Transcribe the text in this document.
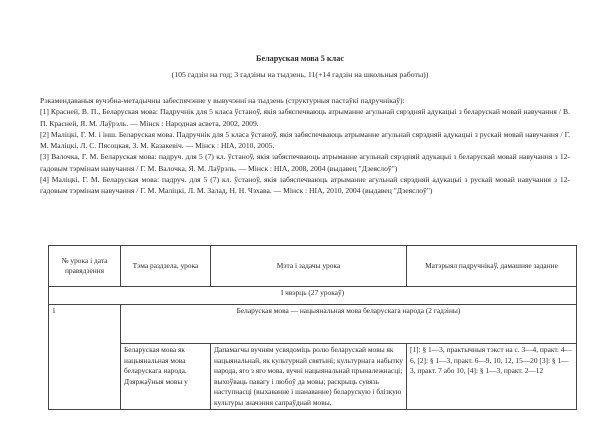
Беларуская мова 5 клас
(105 гадзін на год; 3 гадзіны на тыдзень, 11(+14 гадзін на школьныя работы))

Рэкамендаваныя вучэбна-метадычны забеспячэнне у вывучэнні на тыдзень (структурныя пастаўкі падручнікаў):

[1] Красней, В. П., Беларуская мова: Падручнік для 5 класа ўстаноў, якія забяспечваюць атрыманне агульнай сярэдняй адукацыі з беларускай мовай навучання / В. П. Красней, Я. М. Лаўрэль. — Мінск : Народная асвета, 2002, 2009.

[2] Маліцкі, Г. М. і інш. Беларуская мова. Падручнік для 5 класа ўстаноў, якія забяспечваюць атрыманне агульнай сярэдняй адукацыі з рускай мовай навучання / Г. М. Маліцкі, Л. С. Пясоцкая, З. М. Казакевіч. — Мінск : НІА, 2010, 2005.

[3] Валочка, Г. М. Беларуская мова: падруч. для 5 (7) кл. ўстаноў, якія забяспечваюць атрыманне агульнай сярэдняй адукацыі з беларускай мовай навучання з 12-гадовым тэрмінам навучання / Г. М. Валочка, Я. М. Лаўрэль. — Мінск : НІА, 2008, 2004 (выдавец "Дзеяслоў")

[4] Маліцкі, Г. М. Беларуская мова: падруч. для 5 (7) кл. ўстаноў, якія забяспечваюць атрыманне агульнай сярэдняй адукацыі з рускай мовай навучання з 12-гадовым тэрмінам навучання / Г. М. Маліцкі, Л. М. Залад, Н. Н. Чэхава. — Мінск : НІА, 2010, 2004 (выдавец "Дзеяслоў")

№ урока і дата правядзення	Тэма раздзела, урока	Мэта і задачы урока	Матэрыял падручнікаў, дамашняе заданне
І чвэрць (27 урокаў)			
1	Беларуская мова — нацыянальная мова беларускага народа (2 гадзіны)		
	Беларуская мова як нацыянальная мова беларускага народа. Дзяржаўныя мовы у	Дапамагчы вучням усвядоміць ролю беларускай мовы як нацыянальнай, як культурнай святыні; культурнага набытку народа, яго з яго мова, вучні нацыянальнай прыналежнасці; выхоўваць павагу і любоў да мовы; раскрыць сувязь наступнасці (выхаванне і шанаванне) беларускую і блізкую культуры значэння сапраўднай мовы,	[1]: § 1—3, практычныя тэкст на с. 3—4, практ. 4—6, [2]: § 1—3, практ. 6—9, 10, 12, 15—20 [3]: § 1—3, практ. 7 або 10, [4]: § 1—3, практ. 2—12
